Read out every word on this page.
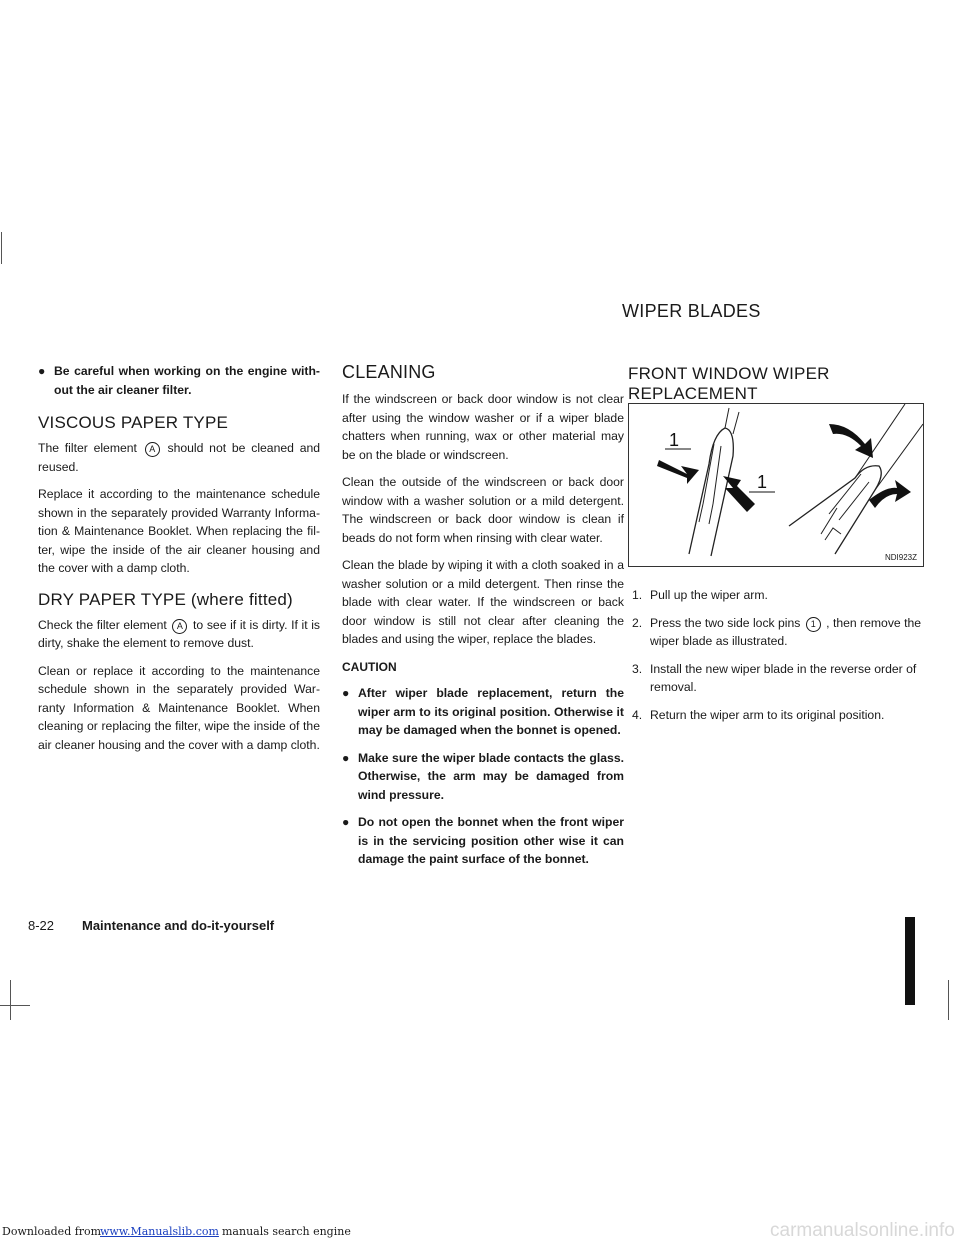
WIPER BLADES
● Be careful when working on the engine with-out the air cleaner filter.
VISCOUS PAPER TYPE

The filter element A should not be cleaned and reused.

Replace it according to the maintenance schedule shown in the separately provided Warranty Informa-tion & Maintenance Booklet. When replacing the fil-ter, wipe the inside of the air cleaner housing and the cover with a damp cloth.

DRY PAPER TYPE (where fitted)

Check the filter element A to see if it is dirty. If it is dirty, shake the element to remove dust.

Clean or replace it according to the maintenance schedule shown in the separately provided War-ranty Information & Maintenance Booklet. When cleaning or replacing the filter, wipe the inside of the air cleaner housing and the cover with a damp cloth.

CLEANING

If the windscreen or back door window is not clear after using the window washer or if a wiper blade chatters when running, wax or other material may be on the blade or windscreen.

Clean the outside of the windscreen or back door window with a washer solution or a mild detergent. The windscreen or back door window is clean if beads do not form when rinsing with clear water.

Clean the blade by wiping it with a cloth soaked in a washer solution or a mild detergent. Then rinse the blade with clear water. If the windscreen or back door window is still not clear after cleaning the blades and using the wiper, replace the blades.

CAUTION
● After wiper blade replacement, return the wiper arm to its original position. Otherwise it may be damaged when the bonnet is opened.
● Make sure the wiper blade contacts the glass. Otherwise, the arm may be damaged from wind pressure.
● Do not open the bonnet when the front wiper is in the servicing position other wise it can damage the paint surface of the bonnet.
FRONT WINDOW WIPER
REPLACEMENT
1
1
NDI923Z
1. Pull up the wiper arm.
2. Press the two side lock pins 1 , then remove the wiper blade as illustrated.
3. Install the new wiper blade in the reverse order of removal.
4. Return the wiper arm to its original position.
8-22 Maintenance and do-it-yourself
Downloaded from
www.Manualslib.com manuals search engine	carmanualsonline.info
